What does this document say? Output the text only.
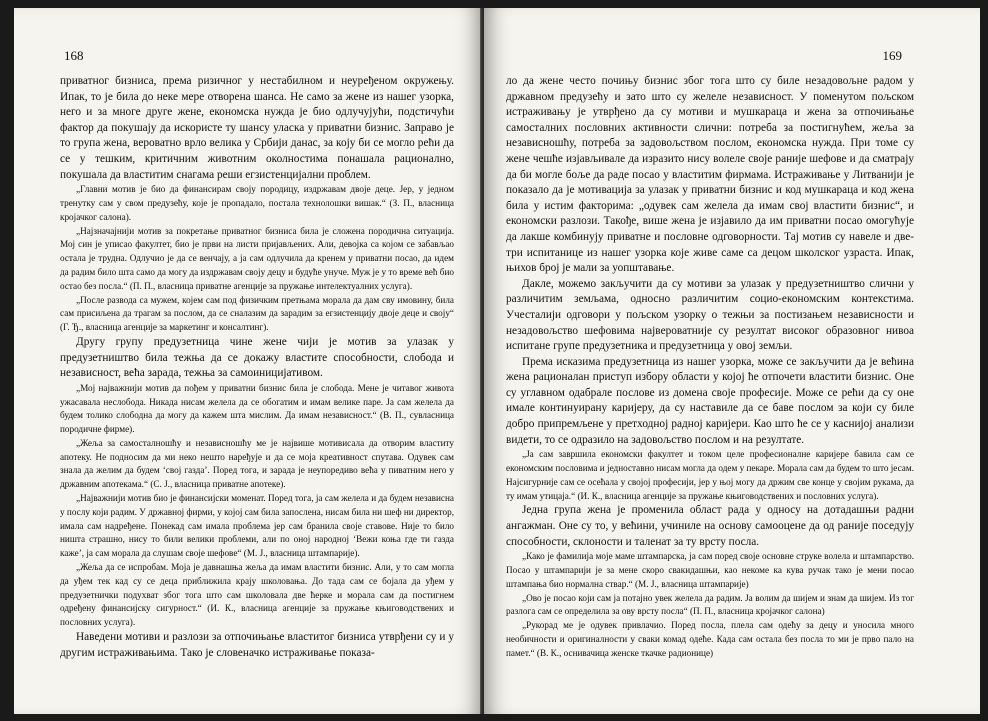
168

приватног бизниса, према ризичног у нестабилном и неуређеном окружењу. Ипак, то је била до неке мере отворена шанса. Не само за жене из нашег узорка, него и за многе друге жене, економска нужда је био одлучујући, подстичући фактор да покушају да искористе ту шансу уласка у приватни бизнис. Заправо је то група жена, вероватно врло велика у Србији данас, за коју би се могло рећи да се у тешким, критичним животним околностима понашала рационално, покушала да властитим снагама реши егзистенцијални проблем.

„Главни мотив је био да финансирам своју породицу, издржавам двоје деце. Јер, у једном тренутку сам у свом предузећу, које је пропадало, постала технолошки вишак.“ (З. П., власница кројачког салона).

„Најзначајнији мотив за покретање приватног бизниса била је сложена породична ситуација. Мој син је уписао факултет, био је први на листи пријављених. Али, девојка са којом се забављао остала је трудна. Одлучио је да се венчају, а ја сам одлучила да кренем у приватни посао, да идем да радим било шта само да могу да издржавам своју децу и будуће унуче. Муж је у то време већ био остао без посла.“ (П. П., власница приватне агенције за пружање интелектуалних услуга).

„После развода са мужем, којем сам под физичким претњама морала да дам сву имовину, била сам присиљена да трагам за послом, да се сналазим да зарадим за егзистенцију двоје деце и своју“ (Г. Ђ., власница агенције за маркетинг и консалтинг).

Другу групу предузетница чине жене чији је мотив за улазак у предузетништво била тежња да се докажу властите способности, слобода и независност, већа зарада, тежња за самоиницијативом.

„Мој најважнији мотив да пођем у приватни бизнис била је слобода. Мене је читавог живота ужасавала неслобода. Никада нисам желела да се обогатим и имам велике паре. Ја сам желела да будем толико слободна да могу да кажем шта мислим. Да имам независност.“ (В. П., сувласница породичне фирме).

„Жеља за самосталношћу и независношћу ме је највише мотивисала да отворим властиту апотеку. Не подносим да ми неко нешто наређује и да се моја креативност спутава. Одувек сам знала да желим да будем ‘свој газда’. Поред тога, и зарада је неупоредиво већа у пиватним него у државним апотекама.“ (С. Ј., власница приватне апотеке).

„Најважнији мотив био је финансијски моменат. Поред тога, ја сам желела и да будем независна у послу који радим. У државној фирми, у којој сам била запослена, нисам била ни шеф ни директор, имала сам надређене. Понекад сам имала проблема јер сам бранила своје ставове. Није то било ништа страшно, нису то били велики проблеми, али по оној народној ‘Вежи коња где ти газда каже’, ја сам морала да слушам своје шефове“ (М. Ј., власница штампарије).

„Жеља да се испробам. Моја је давнашња жеља да имам властити бизнис. Али, у то сам могла да уђем тек кад су се деца приближила крају школовања. До тада сам се бојала да уђем у предузетнички подухват због тога што сам школовала две ћерке и морала сам да постигнем одређену финансијску сигурност.“ (И. К., власница агенције за пружање књиговодствених и пословних услуга).

Наведени мотиви и разлози за отпочињање властитог бизниса утврђени су и у другим истраживањима. Тако је словеначко истраживање показа-

169

ло да жене често почињу бизнис због тога што су биле незадовољне радом у државном предузећу и зато што су желеле независност. У поменутом пољском истраживању је утврђено да су мотиви и мушкараца и жена за отпочињање самосталних пословних активности слични: потреба за постигнућем, жеља за независношћу, потреба за задовољством послом, економска нужда. При томе су жене чешће изјављивале да изразито нису волеле своје раније шефове и да сматрају да би могле боље да раде посао у властитим фирмама. Истраживање у Литванији је показало да је мотивација за улазак у приватни бизнис и код мушкараца и код жена била у истим факторима: „одувек сам желела да имам свој властити бизнис“, и економски разлози. Такође, више жена је изјавило да им приватни посао омогућује да лакше комбинују приватне и пословне одговорности. Тај мотив су навеле и две-три испитанице из нашег узорка које живе саме са децом школског узраста. Ипак, њихов број је мали за уопштавање.

Дакле, можемо закључити да су мотиви за улазак у предузетништво слични у различитим земљама, односно различитим социо-економским контекстима. Учесталији одговори у пољском узорку о тежњи за постизањем независности и незадовољство шефовима највероватније су резултат високог образовног нивоа испитане групе предузетника и предузетница у овој земљи.

Према исказима предузетница из нашег узорка, може се закључити да је већина жена рационалан приступ избору области у којој ће отпочети властити бизнис. Оне су углавном одабрале послове из домена своје професије. Може се рећи да су оне имале континуирану каријеру, да су наставиле да се баве послом за који су биле добро припремљене у претходној радној каријери. Као што ће се у каснијој анализи видети, то се одразило на задовољство послом и на резултате.

„Ја сам завршила економски факултет и током целе професионалне каријере бавила сам се економским пословима и једноставно нисам могла да одем у пекаре. Морала сам да будем то што јесам. Најсигурније сам се осећала у својој професији, јер у њој могу да држим све конце у својим рукама, да ту имам утицаја.“ (И. К., власница агенције за пружање књиговодствених и пословних услуга).

Једна група жена је променила област рада у односу на дотадашњи радни ангажман. Оне су то, у већини, учиниле на основу самооцене да од раније поседују способности, склоности и таленат за ту врсту посла.

„Како је фамилија моје маме штампарска, ја сам поред своје основне струке волела и штампарство. Посао у штампарији је за мене скоро свакидашњи, као некоме ка кува ручак тако је мени посао штампања био нормална ствар.“ (М. Ј., власница штампарије)

„Ово је посао који сам ја потајно увек желела да радим. Ја волим да шијем и знам да шијем. Из тог разлога сам се определила за ову врсту посла“ (П. П., власница кројачког салона)

„Рукорад ме је одувек привлачио. Поред посла, плела сам одећу за децу и уносила много необичности и оригиналности у сваки комад одеће. Када сам остала без посла то ми је прво пало на памет.“ (В. К., оснивачица женске ткачке радионице)
